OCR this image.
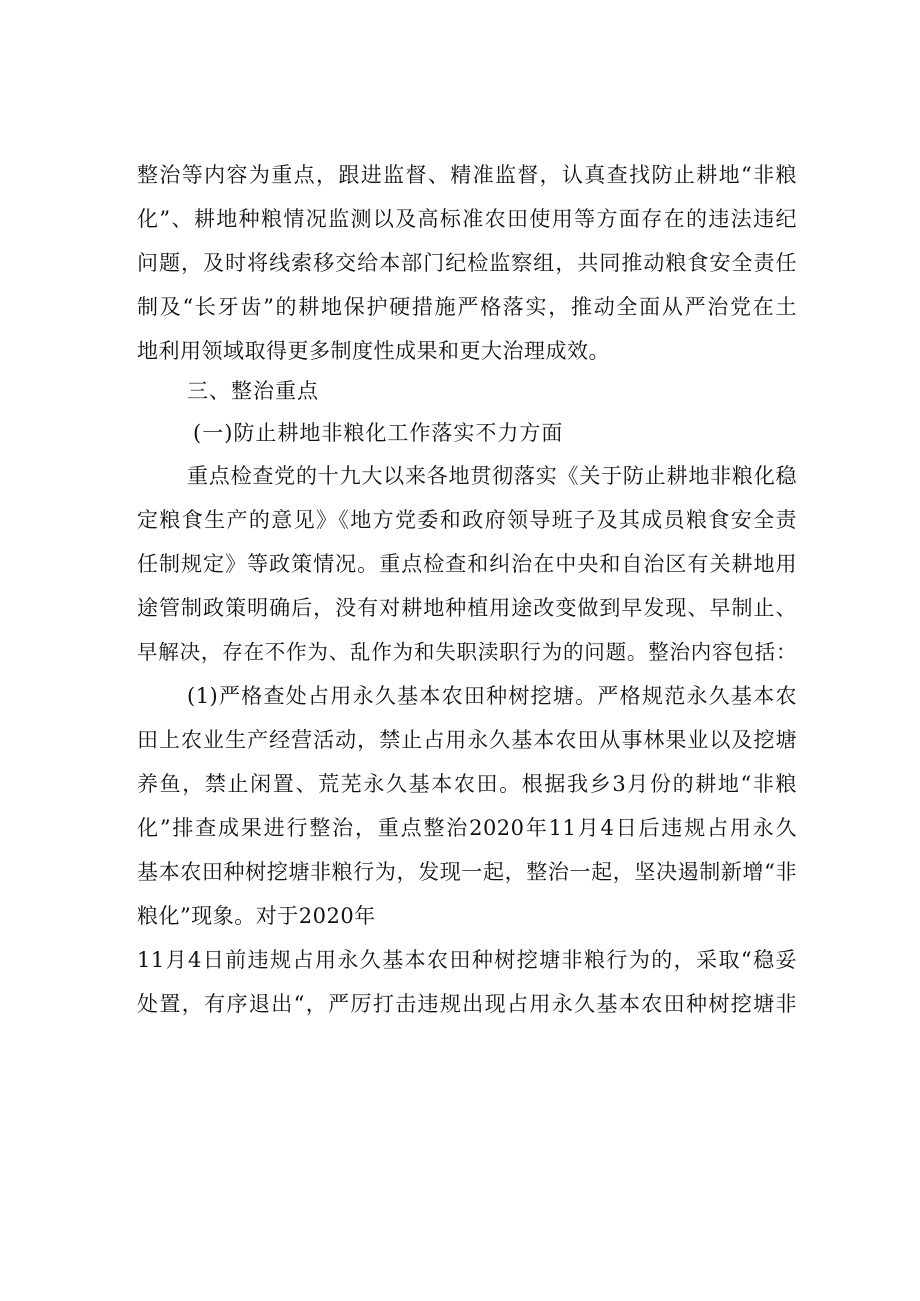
整治等内容为重点，跟进监督、精准监督，认真查找防止耕地“非粮
化”、耕地种粮情况监测以及高标准农田使用等方面存在的违法违纪
问题，及时将线索移交给本部门纪检监察组，共同推动粮食安全责任
制及“长牙齿”的耕地保护硬措施严格落实，推动全面从严治党在土
地利用领域取得更多制度性成果和更大治理成效。
三、整治重点
(一)防止耕地非粮化工作落实不力方面
重点检查党的十九大以来各地贯彻落实《关于防止耕地非粮化稳
定粮食生产的意见》《地方党委和政府领导班子及其成员粮食安全责
任制规定》等政策情况。重点检查和纠治在中央和自治区有关耕地用
途管制政策明确后，没有对耕地种植用途改变做到早发现、早制止、
早解决，存在不作为、乱作为和失职渎职行为的问题。整治内容包括：
(1)严格查处占用永久基本农田种树挖塘。严格规范永久基本农
田上农业生产经营活动，禁止占用永久基本农田从事林果业以及挖塘
养鱼，禁止闲置、荒芜永久基本农田。根据我乡3月份的耕地“非粮
化”排查成果进行整治，重点整治2020年11月4日后违规占用永久
基本农田种树挖塘非粮行为，发现一起，整治一起，坚决遏制新增“非
粮化”现象。对于2020年
11月4日前违规占用永久基本农田种树挖塘非粮行为的，采取“稳妥
处置，有序退出“，严厉打击违规出现占用永久基本农田种树挖塘非
